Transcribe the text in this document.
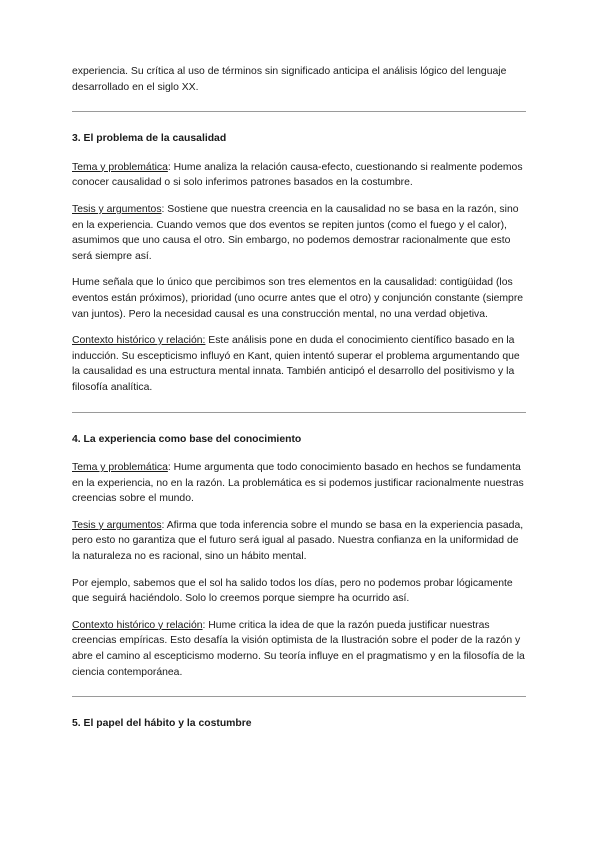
experiencia. Su crítica al uso de términos sin significado anticipa el análisis lógico del lenguaje desarrollado en el siglo XX.

3. El problema de la causalidad

Tema y problemática: Hume analiza la relación causa-efecto, cuestionando si realmente podemos conocer causalidad o si solo inferimos patrones basados en la costumbre.

Tesis y argumentos: Sostiene que nuestra creencia en la causalidad no se basa en la razón, sino en la experiencia. Cuando vemos que dos eventos se repiten juntos (como el fuego y el calor), asumimos que uno causa el otro. Sin embargo, no podemos demostrar racionalmente que esto será siempre así.

Hume señala que lo único que percibimos son tres elementos en la causalidad: contigüidad (los eventos están próximos), prioridad (uno ocurre antes que el otro) y conjunción constante (siempre van juntos). Pero la necesidad causal es una construcción mental, no una verdad objetiva.

Contexto histórico y relación: Este análisis pone en duda el conocimiento científico basado en la inducción. Su escepticismo influyó en Kant, quien intentó superar el problema argumentando que la causalidad es una estructura mental innata. También anticipó el desarrollo del positivismo y la filosofía analítica.

4. La experiencia como base del conocimiento

Tema y problemática: Hume argumenta que todo conocimiento basado en hechos se fundamenta en la experiencia, no en la razón. La problemática es si podemos justificar racionalmente nuestras creencias sobre el mundo.

Tesis y argumentos: Afirma que toda inferencia sobre el mundo se basa en la experiencia pasada, pero esto no garantiza que el futuro será igual al pasado. Nuestra confianza en la uniformidad de la naturaleza no es racional, sino un hábito mental.

Por ejemplo, sabemos que el sol ha salido todos los días, pero no podemos probar lógicamente que seguirá haciéndolo. Solo lo creemos porque siempre ha ocurrido así.

Contexto histórico y relación: Hume critica la idea de que la razón pueda justificar nuestras creencias empíricas. Esto desafía la visión optimista de la Ilustración sobre el poder de la razón y abre el camino al escepticismo moderno. Su teoría influye en el pragmatismo y en la filosofía de la ciencia contemporánea.

5. El papel del hábito y la costumbre
